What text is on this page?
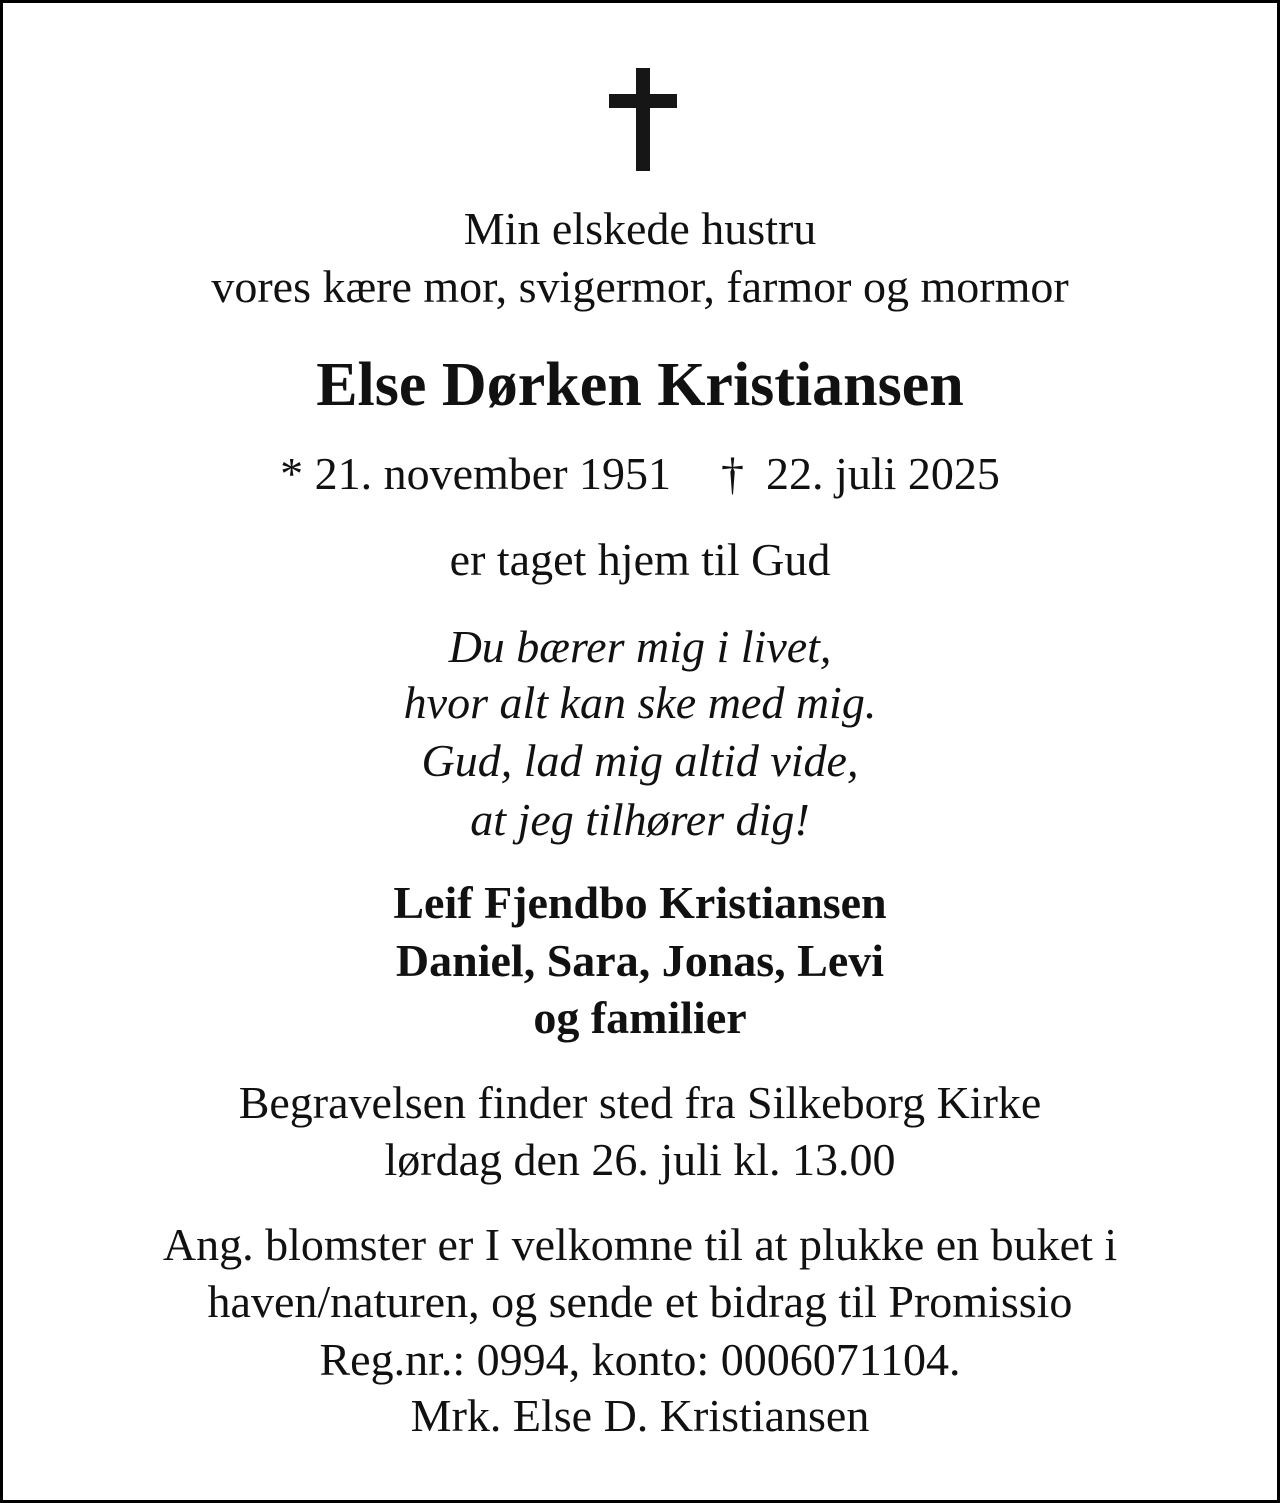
Min elskede hustru
vores kære mor, svigermor, farmor og mormor
Else Dørken Kristiansen
* 21. november 1951 † 22. juli 2025
er taget hjem til Gud
Du bærer mig i livet,
hvor alt kan ske med mig.
Gud, lad mig altid vide,
at jeg tilhører dig!
Leif Fjendbo Kristiansen
Daniel, Sara, Jonas, Levi
og familier
Begravelsen finder sted fra Silkeborg Kirke
lørdag den 26. juli kl. 13.00
Ang. blomster er I velkomne til at plukke en buket i
haven/naturen, og sende et bidrag til Promissio
Reg.nr.: 0994, konto: 0006071104.
Mrk. Else D. Kristiansen
